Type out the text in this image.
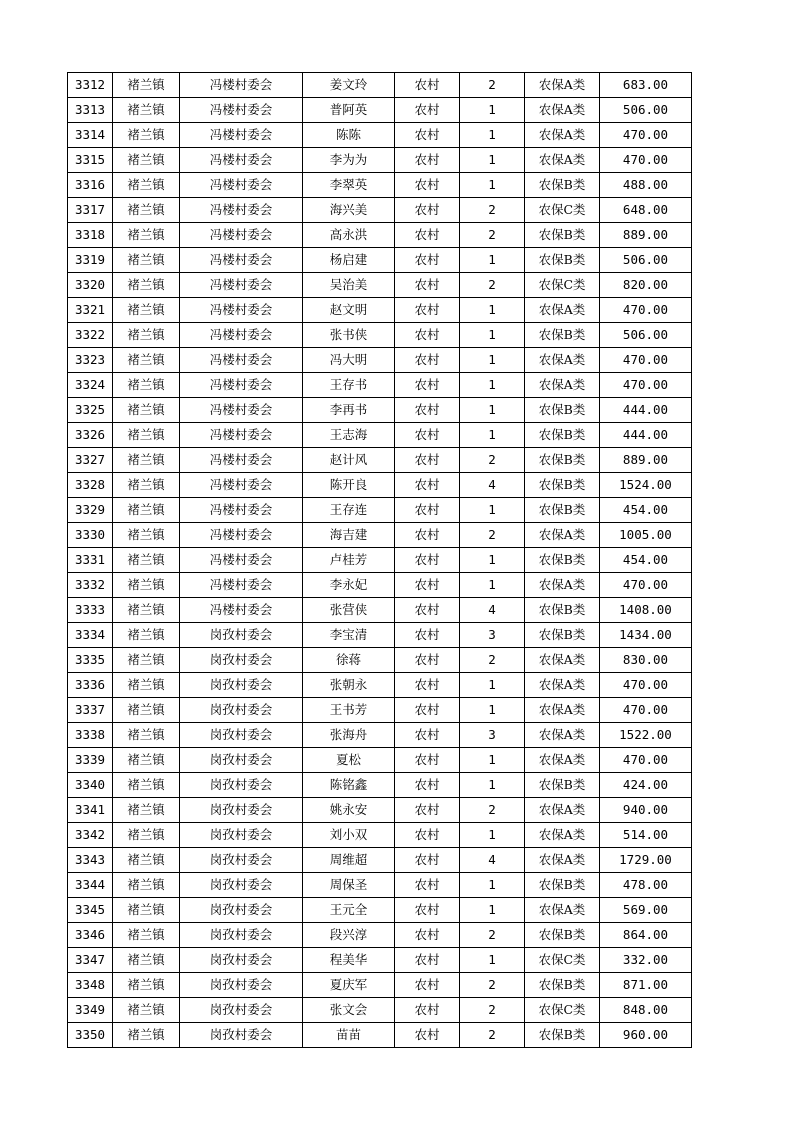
3312	褚兰镇	冯楼村委会	姜文玲	农村	2	农保A类	683.00
3313	褚兰镇	冯楼村委会	普阿英	农村	1	农保A类	506.00
3314	褚兰镇	冯楼村委会	陈陈	农村	1	农保A类	470.00
3315	褚兰镇	冯楼村委会	李为为	农村	1	农保A类	470.00
3316	褚兰镇	冯楼村委会	李翠英	农村	1	农保B类	488.00
3317	褚兰镇	冯楼村委会	海兴美	农村	2	农保C类	648.00
3318	褚兰镇	冯楼村委会	高永洪	农村	2	农保B类	889.00
3319	褚兰镇	冯楼村委会	杨启建	农村	1	农保B类	506.00
3320	褚兰镇	冯楼村委会	吴治美	农村	2	农保C类	820.00
3321	褚兰镇	冯楼村委会	赵文明	农村	1	农保A类	470.00
3322	褚兰镇	冯楼村委会	张书侠	农村	1	农保B类	506.00
3323	褚兰镇	冯楼村委会	冯大明	农村	1	农保A类	470.00
3324	褚兰镇	冯楼村委会	王存书	农村	1	农保A类	470.00
3325	褚兰镇	冯楼村委会	李再书	农村	1	农保B类	444.00
3326	褚兰镇	冯楼村委会	王志海	农村	1	农保B类	444.00
3327	褚兰镇	冯楼村委会	赵计风	农村	2	农保B类	889.00
3328	褚兰镇	冯楼村委会	陈开良	农村	4	农保B类	1524.00
3329	褚兰镇	冯楼村委会	王存连	农村	1	农保B类	454.00
3330	褚兰镇	冯楼村委会	海吉建	农村	2	农保A类	1005.00
3331	褚兰镇	冯楼村委会	卢桂芳	农村	1	农保B类	454.00
3332	褚兰镇	冯楼村委会	李永妃	农村	1	农保A类	470.00
3333	褚兰镇	冯楼村委会	张营侠	农村	4	农保B类	1408.00
3334	褚兰镇	岗孜村委会	李宝清	农村	3	农保B类	1434.00
3335	褚兰镇	岗孜村委会	徐蒋	农村	2	农保A类	830.00
3336	褚兰镇	岗孜村委会	张朝永	农村	1	农保A类	470.00
3337	褚兰镇	岗孜村委会	王书芳	农村	1	农保A类	470.00
3338	褚兰镇	岗孜村委会	张海舟	农村	3	农保A类	1522.00
3339	褚兰镇	岗孜村委会	夏松	农村	1	农保A类	470.00
3340	褚兰镇	岗孜村委会	陈铭鑫	农村	1	农保B类	424.00
3341	褚兰镇	岗孜村委会	姚永安	农村	2	农保A类	940.00
3342	褚兰镇	岗孜村委会	刘小双	农村	1	农保A类	514.00
3343	褚兰镇	岗孜村委会	周维超	农村	4	农保A类	1729.00
3344	褚兰镇	岗孜村委会	周保圣	农村	1	农保B类	478.00
3345	褚兰镇	岗孜村委会	王元全	农村	1	农保A类	569.00
3346	褚兰镇	岗孜村委会	段兴淳	农村	2	农保B类	864.00
3347	褚兰镇	岗孜村委会	程美华	农村	1	农保C类	332.00
3348	褚兰镇	岗孜村委会	夏庆军	农村	2	农保B类	871.00
3349	褚兰镇	岗孜村委会	张文会	农村	2	农保C类	848.00
3350	褚兰镇	岗孜村委会	苗苗	农村	2	农保B类	960.00
